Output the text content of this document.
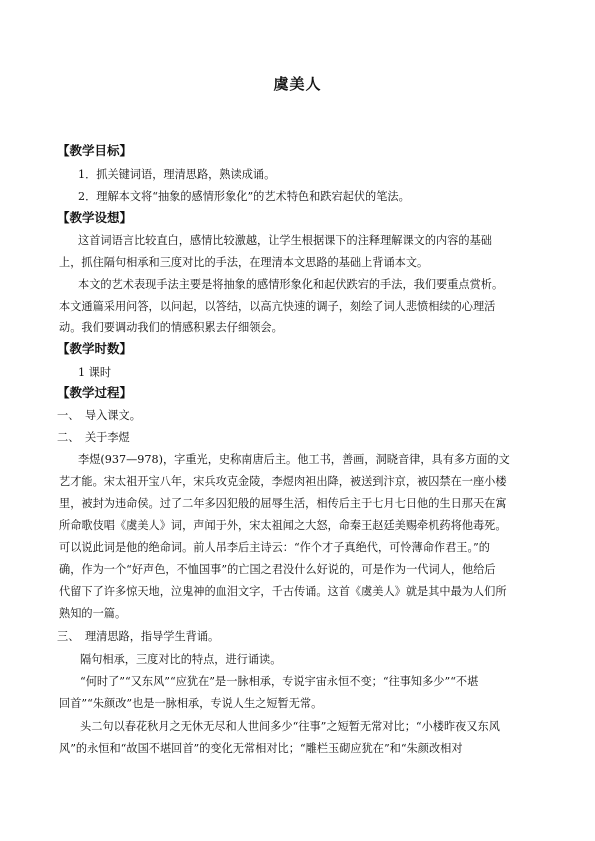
虞美人
【教学目标】
1．抓关键词语，理清思路，熟读成诵。
2．理解本文将“抽象的感情形象化”的艺术特色和跌宕起伏的笔法。
【教学设想】
这首词语言比较直白，感情比较激越，让学生根据课下的注释理解课文的内容的基础
上，抓住隔句相承和三度对比的手法，在理清本文思路的基础上背诵本文。
本文的艺术表现手法主要是将抽象的感情形象化和起伏跌宕的手法，我们要重点赏析。
本文通篇采用问答，以问起，以答结，以高亢快速的调子，刻绘了词人悲愤相续的心理活
动。我们要调动我们的情感积累去仔细领会。
【教学时数】
1 课时
【教学过程】
一、　导入课文。
二、　关于李煜
李煜(937—978)，字重光，史称南唐后主。他工书，善画，洞晓音律，具有多方面的文
艺才能。宋太祖开宝八年，宋兵攻克金陵，李煜肉袒出降，被送到汴京，被囚禁在一座小楼
里，被封为违命侯。过了二年多囚犯般的屈辱生活，相传后主于七月七日他的生日那天在寓
所命歌伎唱《虞美人》词，声闻于外，宋太祖闻之大怒，命秦王赵廷美赐牵机药将他毒死。
可以说此词是他的绝命词。前人吊李后主诗云：“作个才子真绝代，可怜薄命作君王。”的
确，作为一个“好声色，不恤国事”的亡国之君没什么好说的，可是作为一代词人，他给后
代留下了许多惊天地，泣鬼神的血泪文字，千古传诵。这首《虞美人》就是其中最为人们所
熟知的一篇。
三、　理清思路，指导学生背诵。
隔句相承，三度对比的特点，进行诵读。
“何时了”“又东风”“应犹在”是一脉相承，专说宇宙永恒不变；“往事知多少”“不堪
回首”“朱颜改”也是一脉相承，专说人生之短暂无常。
头二句以春花秋月之无休无尽和人世间多少“往事”之短暂无常对比；“小楼昨夜又东风
风”的永恒和“故国不堪回首”的变化无常相对比；“雕栏玉砌应犹在”和“朱颜改相对
